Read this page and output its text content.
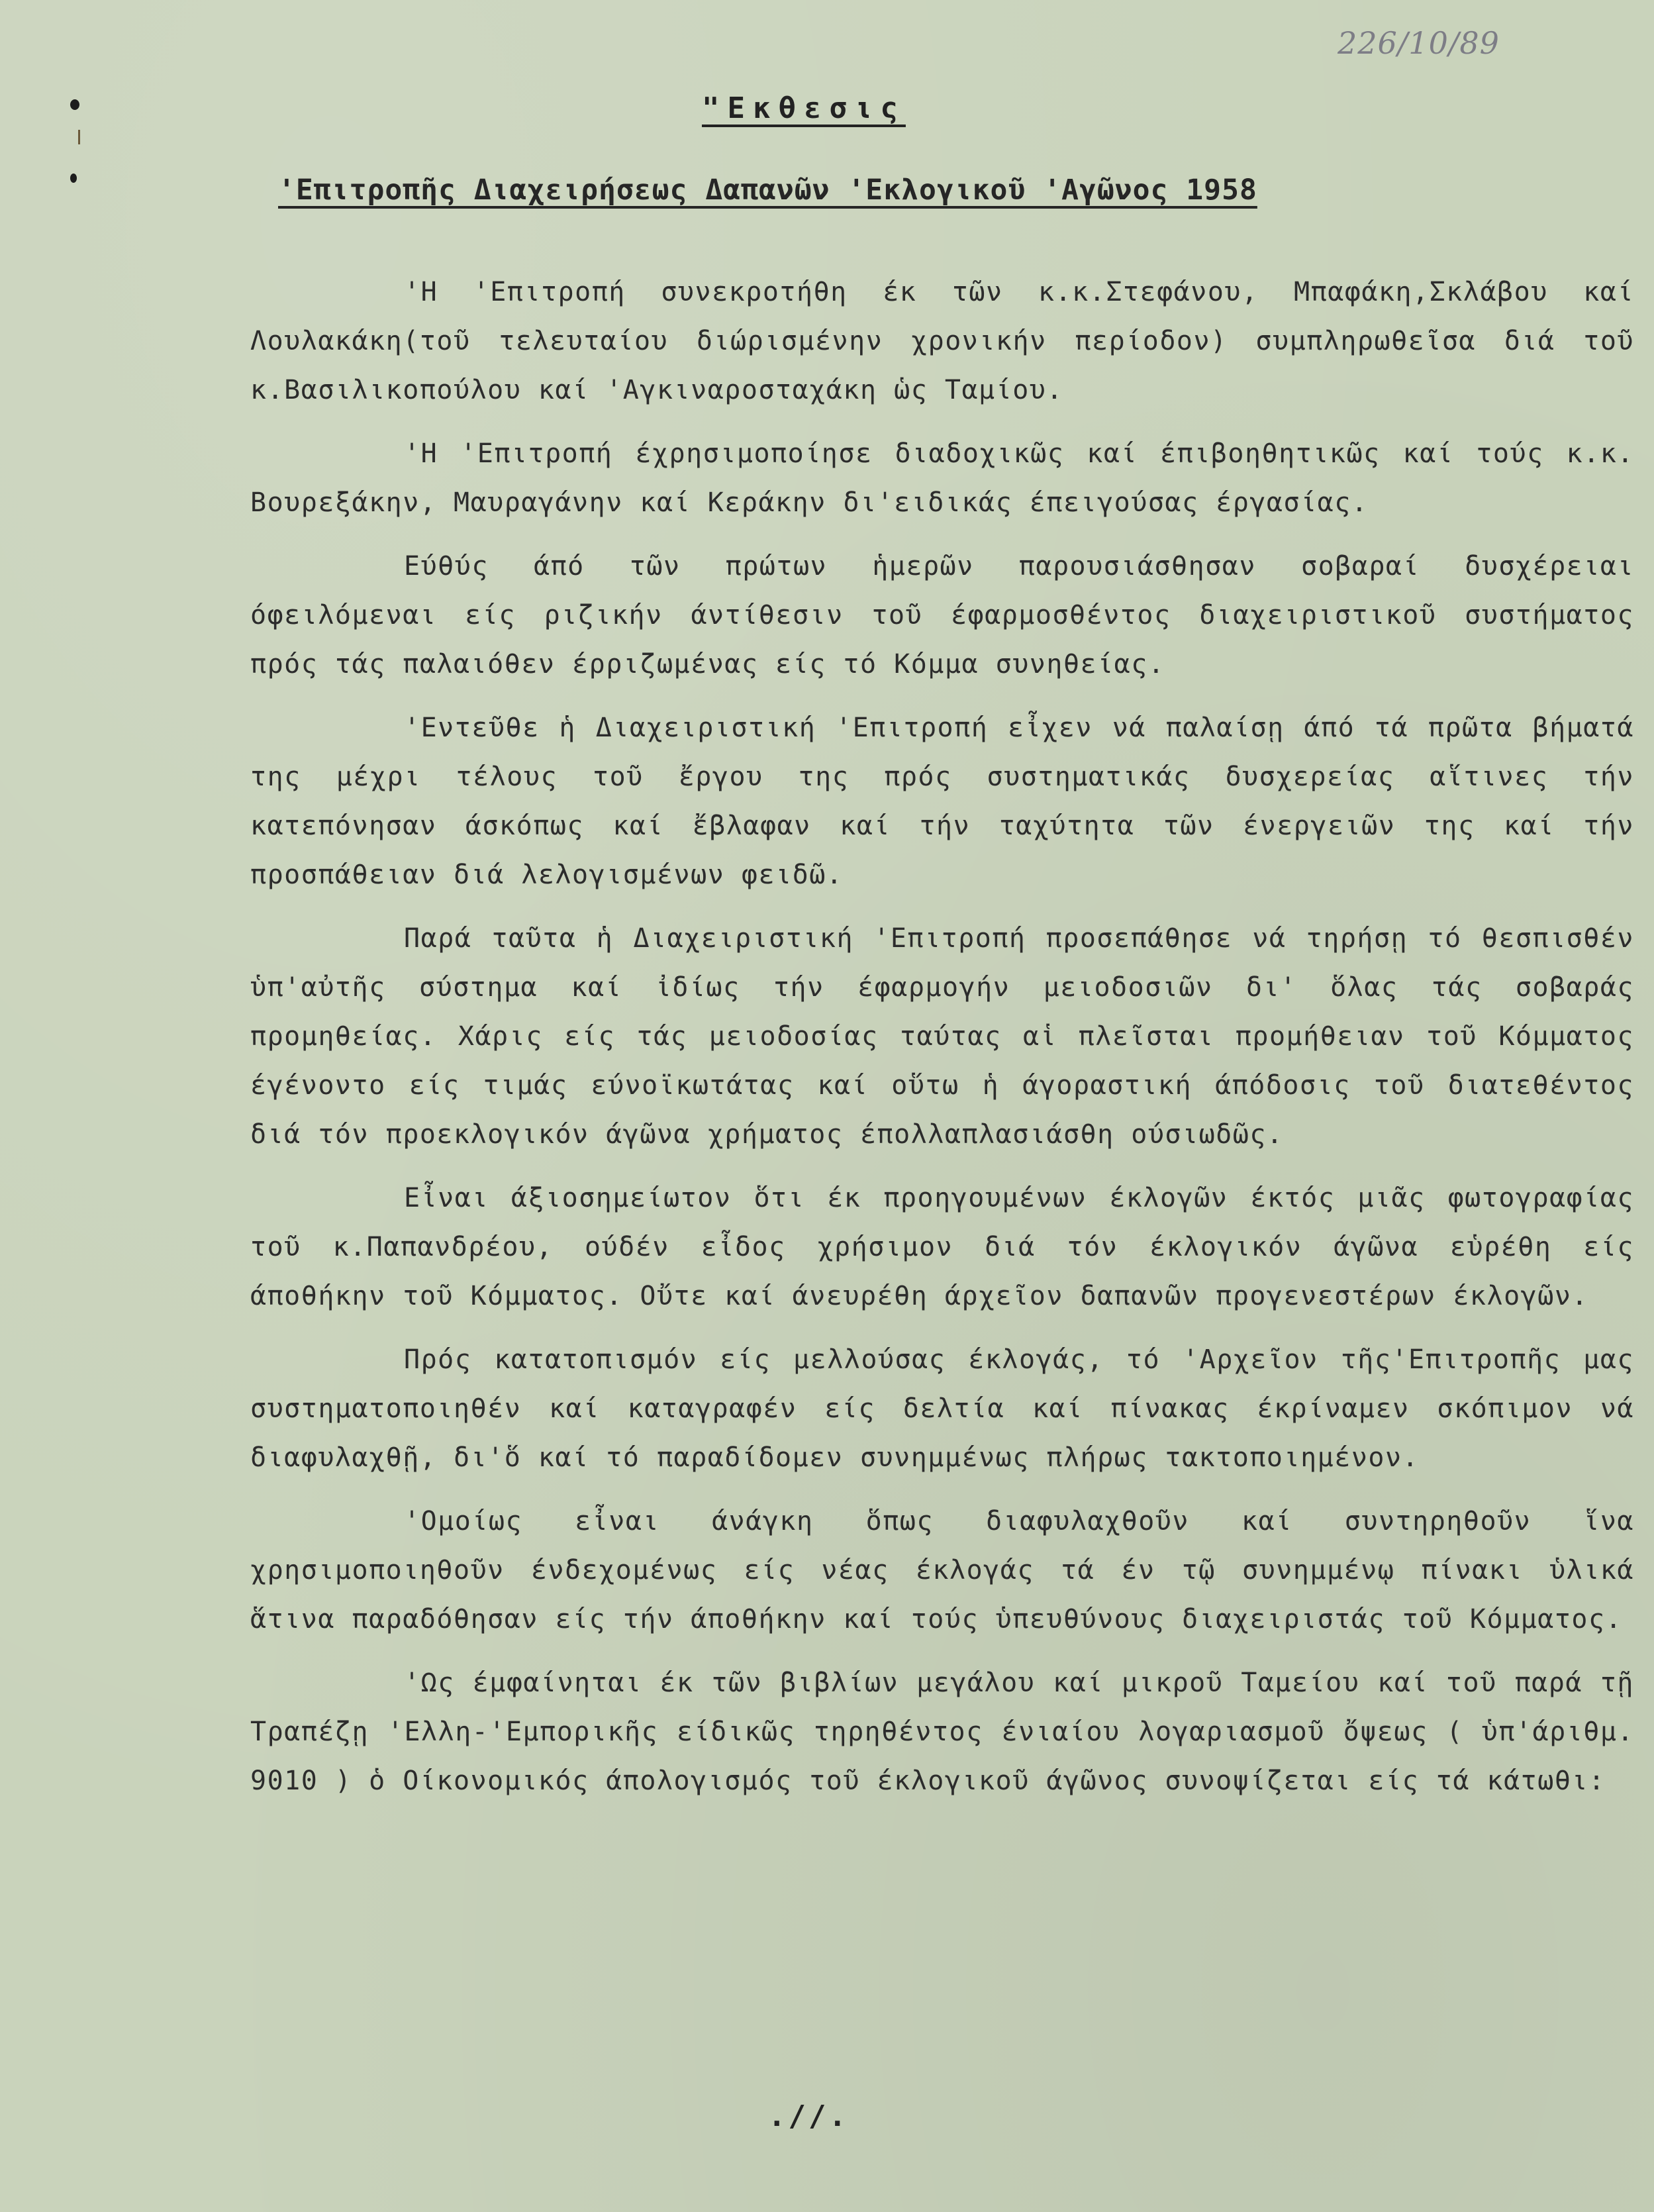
226/10/89
"Εκθεσις
'Επιτροπῆς Διαχειρήσεως Δαπανῶν 'Εκλογικοῦ 'Αγῶνος 1958

'Η 'Επιτροπή συνεκροτήθη έκ τῶν κ.κ.Στεφάνου, Μπαφάκη,Σκλάβου καί Λουλακάκη(τοῦ τελευταίου διώρισμένην χρονικήν περίοδον) συμπληρωθεῖσα διά τοῦ κ.Βασιλικοπούλου καί 'Αγκιναροσταχάκη ὡς Ταμίου.

'Η 'Επιτροπή έχρησιμοποίησε διαδοχικῶς καί έπιβοηθητικῶς καί τούς κ.κ. Βουρεξάκην, Μαυραγάνην καί Κεράκην δι'ειδικάς έπειγούσας έργασίας.

Εύθύς άπό τῶν πρώτων ἡμερῶν παρουσιάσθησαν σοβαραί δυσχέρειαι όφειλόμεναι είς ριζικήν άντίθεσιν τοῦ έφαρμοσθέντος διαχειριστικοῦ συστήματος πρός τάς παλαιόθεν έρριζωμένας είς τό Κόμμα συνηθείας.

'Εντεῦθε ἡ Διαχειριστική 'Επιτροπή εἶχεν νά παλαίσῃ άπό τά πρῶτα βήματά της μέχρι τέλους τοῦ ἔργου της πρός συστηματικάς δυσχερείας αἵτινες τήν κατεπόνησαν άσκόπως καί ἔβλαφαν καί τήν ταχύτητα τῶν ένεργειῶν της καί τήν προσπάθειαν διά λελογισμένων φειδῶ.

Παρά ταῦτα ἡ Διαχειριστική 'Επιτροπή προσεπάθησε νά τηρήσῃ τό θεσπισθέν ὑπ'αὐτῆς σύστημα καί ἰδίως τήν έφαρμογήν μειοδοσιῶν δι' ὅλας τάς σοβαράς προμηθείας. Χάρις είς τάς μειοδοσίας ταύτας αἱ πλεῖσται προμήθειαν τοῦ Κόμματος έγένοντο είς τιμάς εύνοϊκωτάτας καί οὕτω ἡ άγοραστική άπόδοσις τοῦ διατεθέντος διά τόν προεκλογικόν άγῶνα χρήματος έπολλαπλασιάσθη ούσιωδῶς.

Εἶναι άξιοσημείωτον ὅτι έκ προηγουμένων έκλογῶν έκτός μιᾶς φωτογραφίας τοῦ κ.Παπανδρέου, ούδέν εἶδος χρήσιμον διά τόν έκλογικόν άγῶνα εὑρέθη είς άποθήκην τοῦ Κόμματος. Οὔτε καί άνευρέθη άρχεῖον δαπανῶν προγενεστέρων έκλογῶν.

Πρός κατατοπισμόν είς μελλούσας έκλογάς, τό 'Αρχεῖον τῆς'Επιτροπῆς μας συστηματοποιηθέν καί καταγραφέν είς δελτία καί πίνακας έκρίναμεν σκόπιμον νά διαφυλαχθῇ, δι'ὅ καί τό παραδίδομεν συνημμένως πλήρως τακτοποιημένον.

'Ομοίως εἶναι άνάγκη ὅπως διαφυλαχθοῦν καί συντηρηθοῦν ἵνα χρησιμοποιηθοῦν ένδεχομένως είς νέας έκλογάς τά έν τῷ συνημμένῳ πίνακι ὑλικά ἅτινα παραδόθησαν είς τήν άποθήκην καί τούς ὑπευθύνους διαχειριστάς τοῦ Κόμματος.

'Ως έμφαίνηται έκ τῶν βιβλίων μεγάλου καί μικροῦ Ταμείου καί τοῦ παρά τῇ Τραπέζῃ 'Ελλη-'Εμπορικῆς είδικῶς τηρηθέντος ένιαίου λογαριασμοῦ ὄψεως ( ὑπ'άριθμ. 9010 ) ὁ Οίκονομικός άπολογισμός τοῦ έκλογικοῦ άγῶνος συνοψίζεται είς τά κάτωθι:

.//.
